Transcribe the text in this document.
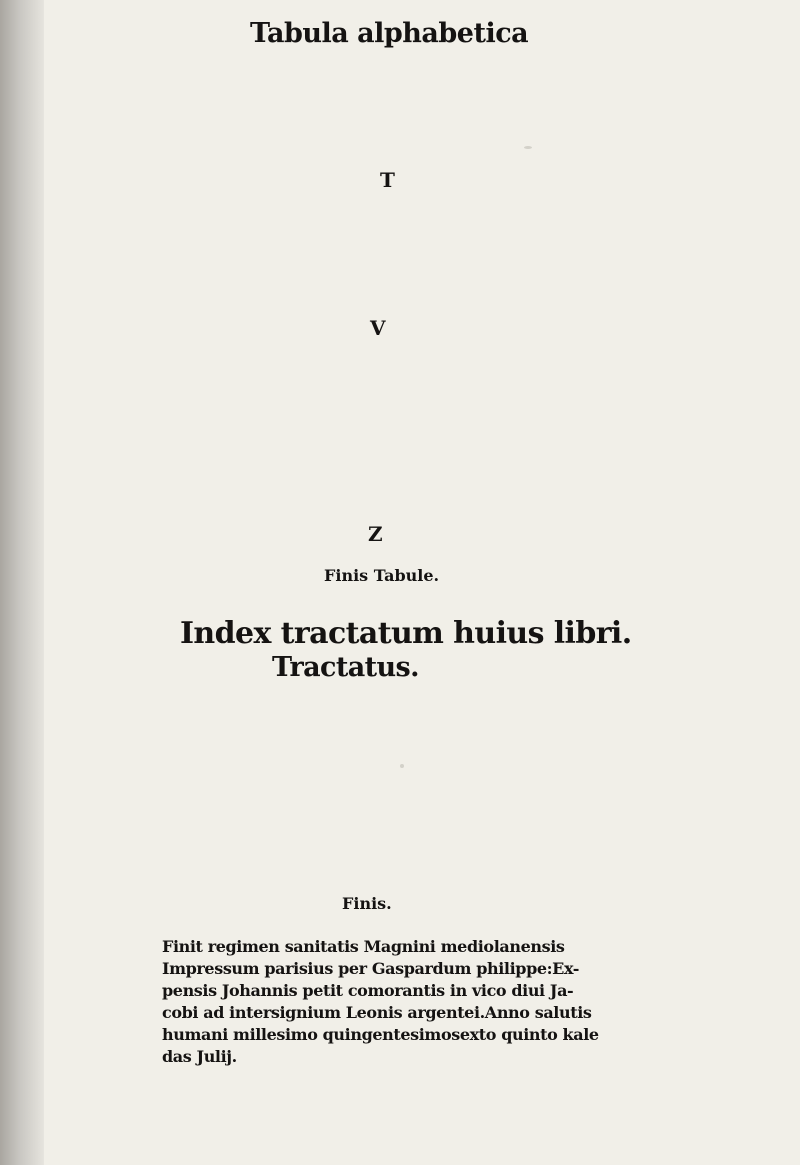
Tabula alphabetica
T
V
Z
Finis Tabule.
Index tractatum huius libri.
Tractatus.
Finis.
Finit regimen sanitatis Magnini mediolanensis
Impressum parisius per Gaspardum philippe:Ex-
pensis Johannis petit comorantis in vico diui Ja-
cobi ad intersignium Leonis argentei.Anno salutis
humani millesimo quingentesimosexto quinto kale
das Julij.
